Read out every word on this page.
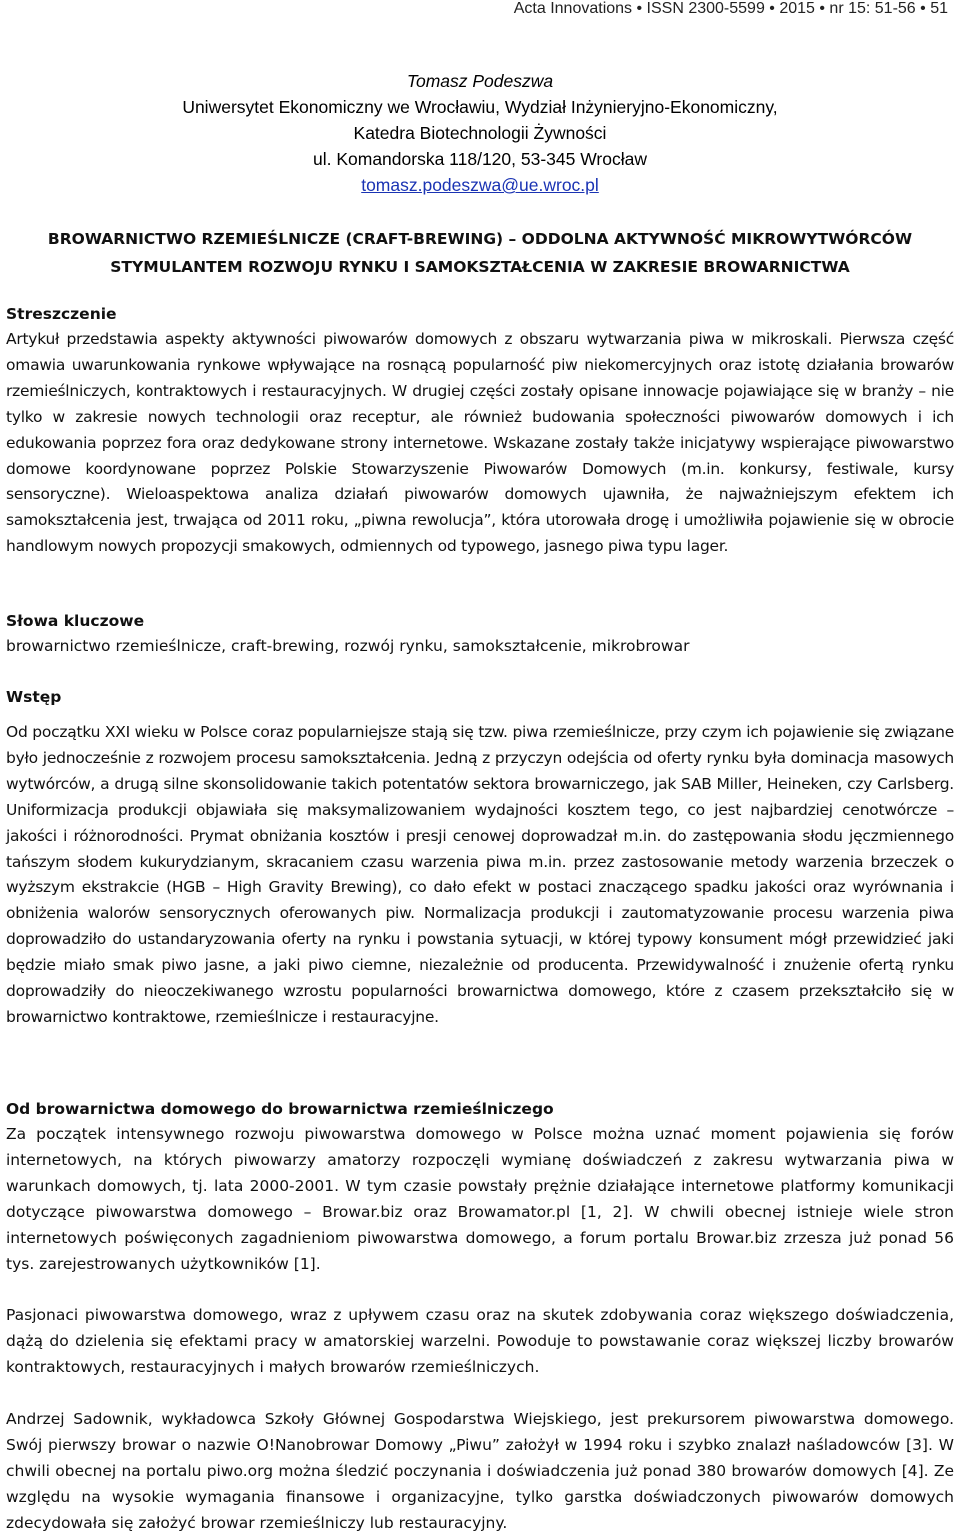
Acta Innovations • ISSN 2300-5599 • 2015 • nr 15: 51-56 • 51
Tomasz Podeszwa
Uniwersytet Ekonomiczny we Wrocławiu, Wydział Inżynieryjno-Ekonomiczny,
Katedra Biotechnologii Żywności
ul. Komandorska 118/120, 53-345 Wrocław
tomasz.podeszwa@ue.wroc.pl
BROWARNICTWO RZEMIEŚLNICZE (CRAFT-BREWING) – ODDOLNA AKTYWNOŚĆ MIKROWYTWÓRCÓW
STYMULANTEM ROZWOJU RYNKU I SAMOKSZTAŁCENIA W ZAKRESIE BROWARNICTWA

Streszczenie

Artykuł przedstawia aspekty aktywności piwowarów domowych z obszaru wytwarzania piwa w mikroskali. Pierwsza część omawia uwarunkowania rynkowe wpływające na rosnącą popularność piw niekomercyjnych oraz istotę działania browarów rzemieślniczych, kontraktowych i restauracyjnych. W drugiej części zostały opisane innowacje pojawiające się w branży – nie tylko w zakresie nowych technologii oraz receptur, ale również budowania społeczności piwowarów domowych i ich edukowania poprzez fora oraz dedykowane strony internetowe. Wskazane zostały także inicjatywy wspierające piwowarstwo domowe koordynowane poprzez Polskie Stowarzyszenie Piwowarów Domowych (m.in. konkursy, festiwale, kursy sensoryczne). Wieloaspektowa analiza działań piwowarów domowych ujawniła, że najważniejszym efektem ich samokształcenia jest, trwająca od 2011 roku, „piwna rewolucja”, która utorowała drogę i umożliwiła pojawienie się w obrocie handlowym nowych propozycji smakowych, odmiennych od typowego, jasnego piwa typu lager.

Słowa kluczowe

browarnictwo rzemieślnicze, craft-brewing, rozwój rynku, samokształcenie, mikrobrowar

Wstęp

Od początku XXI wieku w Polsce coraz popularniejsze stają się tzw. piwa rzemieślnicze, przy czym ich pojawienie się związane było jednocześnie z rozwojem procesu samokształcenia. Jedną z przyczyn odejścia od oferty rynku była dominacja masowych wytwórców, a drugą silne skonsolidowanie takich potentatów sektora browarniczego, jak SAB Miller, Heineken, czy Carlsberg. Uniformizacja produkcji objawiała się maksymalizowaniem wydajności kosztem tego, co jest najbardziej cenotwórcze – jakości i różnorodności. Prymat obniżania kosztów i presji cenowej doprowadzał m.in. do zastępowania słodu jęczmiennego tańszym słodem kukurydzianym, skracaniem czasu warzenia piwa m.in. przez zastosowanie metody warzenia brzeczek o wyższym ekstrakcie (HGB – High Gravity Brewing), co dało efekt w postaci znaczącego spadku jakości oraz wyrównania i obniżenia walorów sensorycznych oferowanych piw. Normalizacja produkcji i zautomatyzowanie procesu warzenia piwa doprowadziło do ustandaryzowania oferty na rynku i powstania sytuacji, w której typowy konsument mógł przewidzieć jaki będzie miało smak piwo jasne, a jaki piwo ciemne, niezależnie od producenta. Przewidywalność i znużenie ofertą rynku doprowadziły do nieoczekiwanego wzrostu popularności browarnictwa domowego, które z czasem przekształciło się w browarnictwo kontraktowe, rzemieślnicze i restauracyjne.

Od browarnictwa domowego do browarnictwa rzemieślniczego

Za początek intensywnego rozwoju piwowarstwa domowego w Polsce można uznać moment pojawienia się forów internetowych, na których piwowarzy amatorzy rozpoczęli wymianę doświadczeń z zakresu wytwarzania piwa w warunkach domowych, tj. lata 2000-2001. W tym czasie powstały prężnie działające internetowe platformy komunikacji dotyczące piwowarstwa domowego – Browar.biz oraz Browamator.pl [1, 2]. W chwili obecnej istnieje wiele stron internetowych poświęconych zagadnieniom piwowarstwa domowego, a forum portalu Browar.biz zrzesza już ponad 56 tys. zarejestrowanych użytkowników [1].

Pasjonaci piwowarstwa domowego, wraz z upływem czasu oraz na skutek zdobywania coraz większego doświadczenia, dążą do dzielenia się efektami pracy w amatorskiej warzelni. Powoduje to powstawanie coraz większej liczby browarów kontraktowych, restauracyjnych i małych browarów rzemieślniczych.

Andrzej Sadownik, wykładowca Szkoły Głównej Gospodarstwa Wiejskiego, jest prekursorem piwowarstwa domowego. Swój pierwszy browar o nazwie O!Nanobrowar Domowy „Piwu” założył w 1994 roku i szybko znalazł naśladowców [3]. W chwili obecnej na portalu piwo.org można śledzić poczynania i doświadczenia już ponad 380 browarów domowych [4]. Ze względu na wysokie wymagania finansowe i organizacyjne, tylko garstka doświadczonych piwowarów domowych zdecydowała się założyć browar rzemieślniczy lub restauracyjny.
